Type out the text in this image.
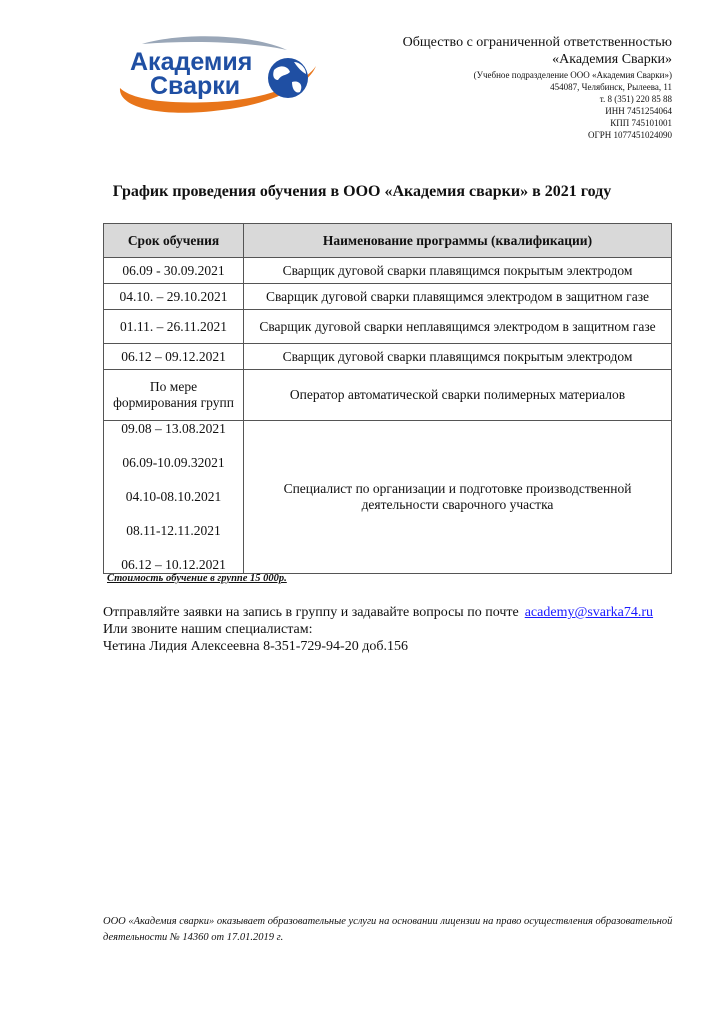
Академия
Сварки
Общество с ограниченной ответственностью
«Академия Сварки»
(Учебное подразделение ООО «Академия Сварки»)
454087, Челябинск, Рылеева, 11
т. 8 (351) 220 85 88
ИНН 7451254064
КПП 745101001
ОГРН 1077451024090
График проведения обучения в ООО «Академия сварки» в 2021 году
Срок обучения	Наименование программы (квалификации)
06.09 - 30.09.2021	Сварщик дуговой сварки плавящимся покрытым электродом
04.10. – 29.10.2021	Сварщик дуговой сварки плавящимся электродом в защитном газе
01.11. – 26.11.2021	Сварщик дуговой сварки неплавящимся электродом в защитном газе
06.12 – 09.12.2021	Сварщик дуговой сварки плавящимся покрытым электродом
По мере формирования групп	Оператор автоматической сварки полимерных материалов

09.08 – 13.08.2021
06.09-10.09.32021
04.10-08.10.2021
08.11-12.11.2021
06.12 – 10.12.2021	Специалист по организации и подготовке производственной деятельности сварочного участка
Стоимость обучение в группе 15 000р.
Отправляйте заявки на запись в группу и задавайте вопросы по почте academy@svarka74.ru
Или звоните нашим специалистам:
Четина Лидия Алексеевна 8-351-729-94-20 доб.156
ООО «Академия сварки» оказывает образовательные услуги на основании лицензии на право осуществления образовательной деятельности № 14360 от 17.01.2019 г.
